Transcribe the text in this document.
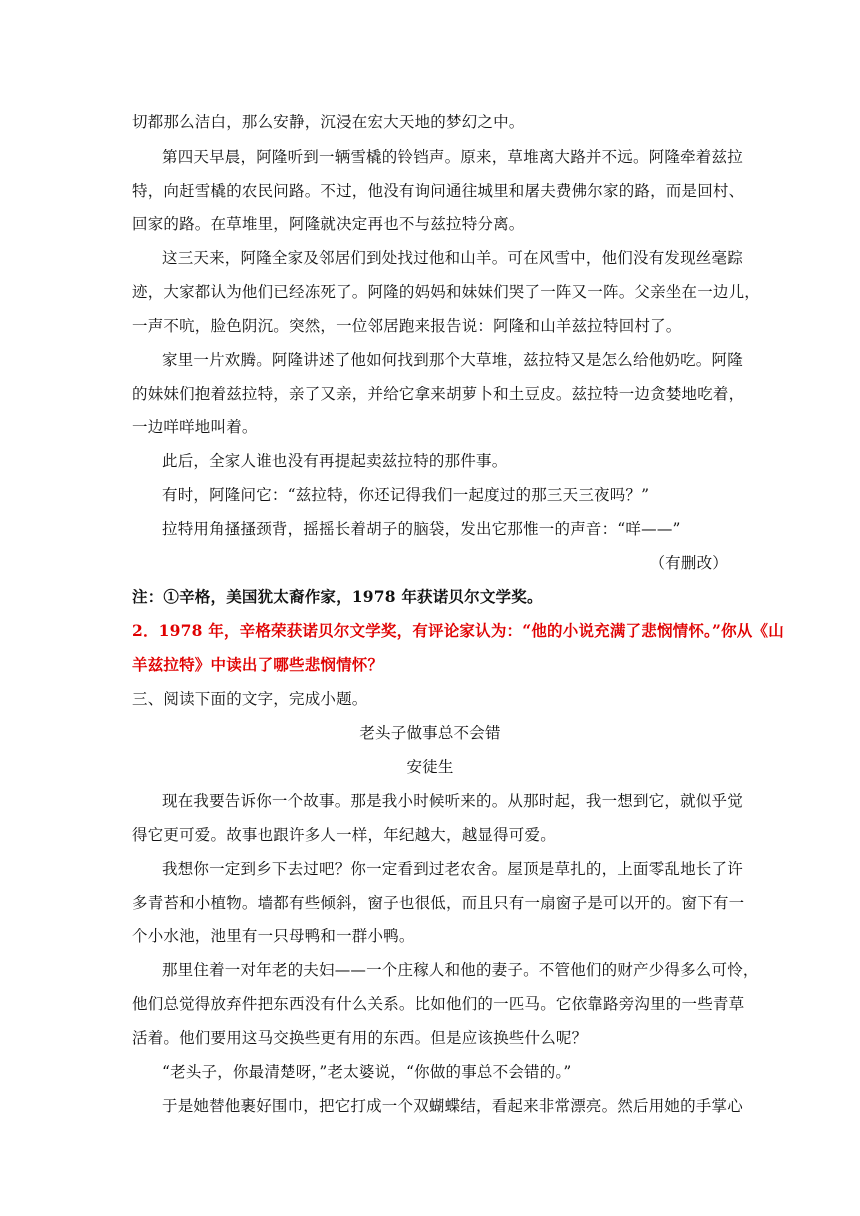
切都那么洁白，那么安静，沉浸在宏大天地的梦幻之中。
第四天早晨，阿隆听到一辆雪橇的铃铛声。原来，草堆离大路并不远。阿隆牵着兹拉
特，向赶雪橇的农民问路。不过，他没有询问通往城里和屠夫费佛尔家的路，而是回村、
回家的路。在草堆里，阿隆就决定再也不与兹拉特分离。
这三天来，阿隆全家及邻居们到处找过他和山羊。可在风雪中，他们没有发现丝毫踪
迹，大家都认为他们已经冻死了。阿隆的妈妈和妹妹们哭了一阵又一阵。父亲坐在一边儿，
一声不吭，脸色阴沉。突然，一位邻居跑来报告说：阿隆和山羊兹拉特回村了。
家里一片欢腾。阿隆讲述了他如何找到那个大草堆，兹拉特又是怎么给他奶吃。阿隆
的妹妹们抱着兹拉特，亲了又亲，并给它拿来胡萝卜和土豆皮。兹拉特一边贪婪地吃着，
一边咩咩地叫着。
此后，全家人谁也没有再提起卖兹拉特的那件事。
有时，阿隆问它：“兹拉特，你还记得我们一起度过的那三天三夜吗？”
拉特用角搔搔颈背，摇摇长着胡子的脑袋，发出它那惟一的声音：“咩——”
（有删改）
注：①辛格，美国犹太裔作家，1978 年获诺贝尔文学奖。
2．1978 年，辛格荣获诺贝尔文学奖，有评论家认为：“他的小说充满了悲悯情怀。”你从《山
羊兹拉特》中读出了哪些悲悯情怀？
三、阅读下面的文字，完成小题。
老头子做事总不会错
安徒生
现在我要告诉你一个故事。那是我小时候听来的。从那时起，我一想到它，就似乎觉
得它更可爱。故事也跟许多人一样，年纪越大，越显得可爱。
我想你一定到乡下去过吧？你一定看到过老农舍。屋顶是草扎的，上面零乱地长了许
多青苔和小植物。墙都有些倾斜，窗子也很低，而且只有一扇窗子是可以开的。窗下有一
个小水池，池里有一只母鸭和一群小鸭。
那里住着一对年老的夫妇——一个庄稼人和他的妻子。不管他们的财产少得多么可怜，
他们总觉得放弃件把东西没有什么关系。比如他们的一匹马。它依靠路旁沟里的一些青草
活着。他们要用这马交换些更有用的东西。但是应该换些什么呢？
“老头子，你最清楚呀，”老太婆说，“你做的事总不会错的。”
于是她替他裹好围巾，把它打成一个双蝴蝶结，看起来非常漂亮。然后用她的手掌心
